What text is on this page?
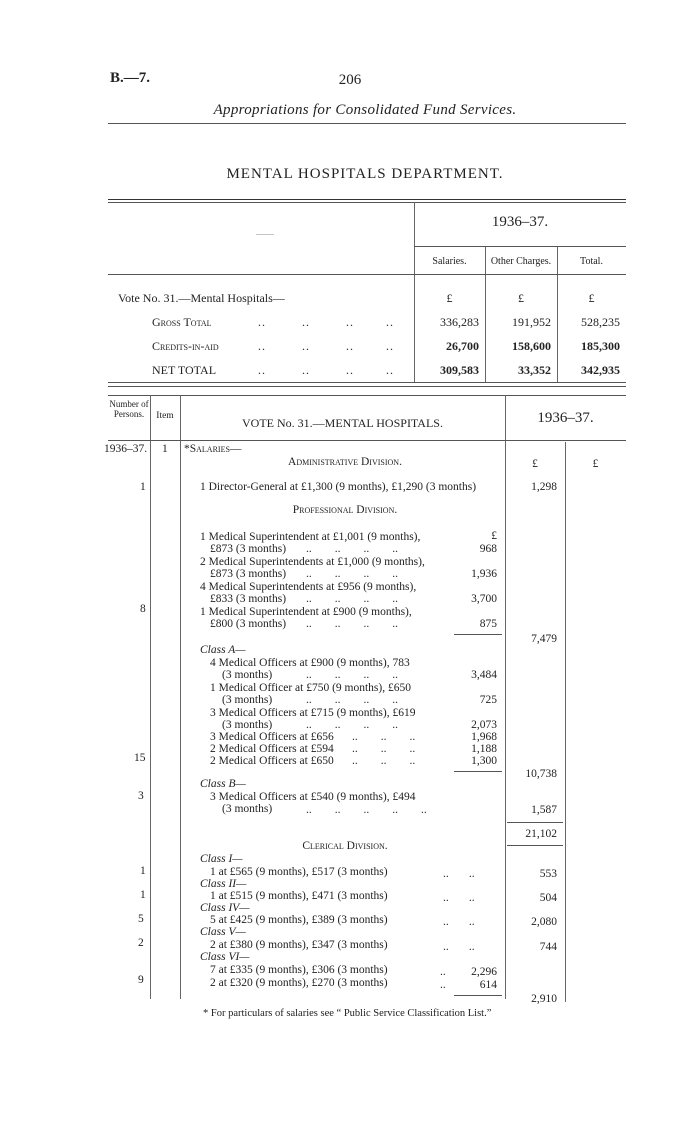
B.—7.	206
Appropriations for Consolidated Fund Services.
MENTAL HOSPITALS DEPARTMENT.
——
1936–37.
Salaries.	Other Charges.	Total.
Vote No. 31.—Mental Hospitals—	£	£	£
Gross Total	..         ..         ..        ..	336,283	191,952	528,235
Credits-in-aid	..         ..         ..        ..	26,700	158,600	185,300
NET TOTAL	..         ..         ..        ..	309,583	33,352	342,935
Number of Persons.	Item	VOTE No. 31.—MENTAL HOSPITALS.	1936–37.
1936–37. 1 *Salaries—
Administrative Division.	£	£
1	1 Director-General at £1,300 (9 months), £1,290 (3 months)	1,298
Professional Division.
£
1 Medical Superintendent at £1,001 (9 months),
£873 (3 months) ..        ..        ..        ..	968
2 Medical Superintendents at £1,000 (9 months),
£873 (3 months) ..        ..        ..        ..	1,936
4 Medical Superintendents at £956 (9 months),
£833 (3 months) ..        ..        ..        ..	3,700
8	1 Medical Superintendent at £900 (9 months),
£800 (3 months) ..        ..        ..        ..	875
7,479
Class A—
4 Medical Officers at £900 (9 months), 783
(3 months)	..        ..        ..        ..	3,484
1 Medical Officer at £750 (9 months), £650
(3 months)	..        ..        ..        ..	725
3 Medical Officers at £715 (9 months), £619
(3 months)	..        ..        ..        ..	2,073
3 Medical Officers at £656 ..        ..        ..	1,968
2 Medical Officers at £594 ..        ..        ..	1,188
15	2 Medical Officers at £650 ..        ..        ..	1,300
10,738
Class B—
3	3 Medical Officers at £540 (9 months), £494
(3 months)	..        ..        ..        ..        ..	1,587
21,102
Clerical Division.
Class I—
1	1 at £565 (9 months), £517 (3 months)	..       ..	553
Class II—
1	1 at £515 (9 months), £471 (3 months)	..       ..	504
Class IV—
5	5 at £425 (9 months), £389 (3 months)	..       ..	2,080
Class V—
2	2 at £380 (9 months), £347 (3 months)	..       ..	744
Class VI—
7 at £335 (9 months), £306 (3 months)	..	2,296
9	2 at £320 (9 months), £270 (3 months)	..	614
2,910
* For particulars of salaries see “ Public Service Classification List.”
